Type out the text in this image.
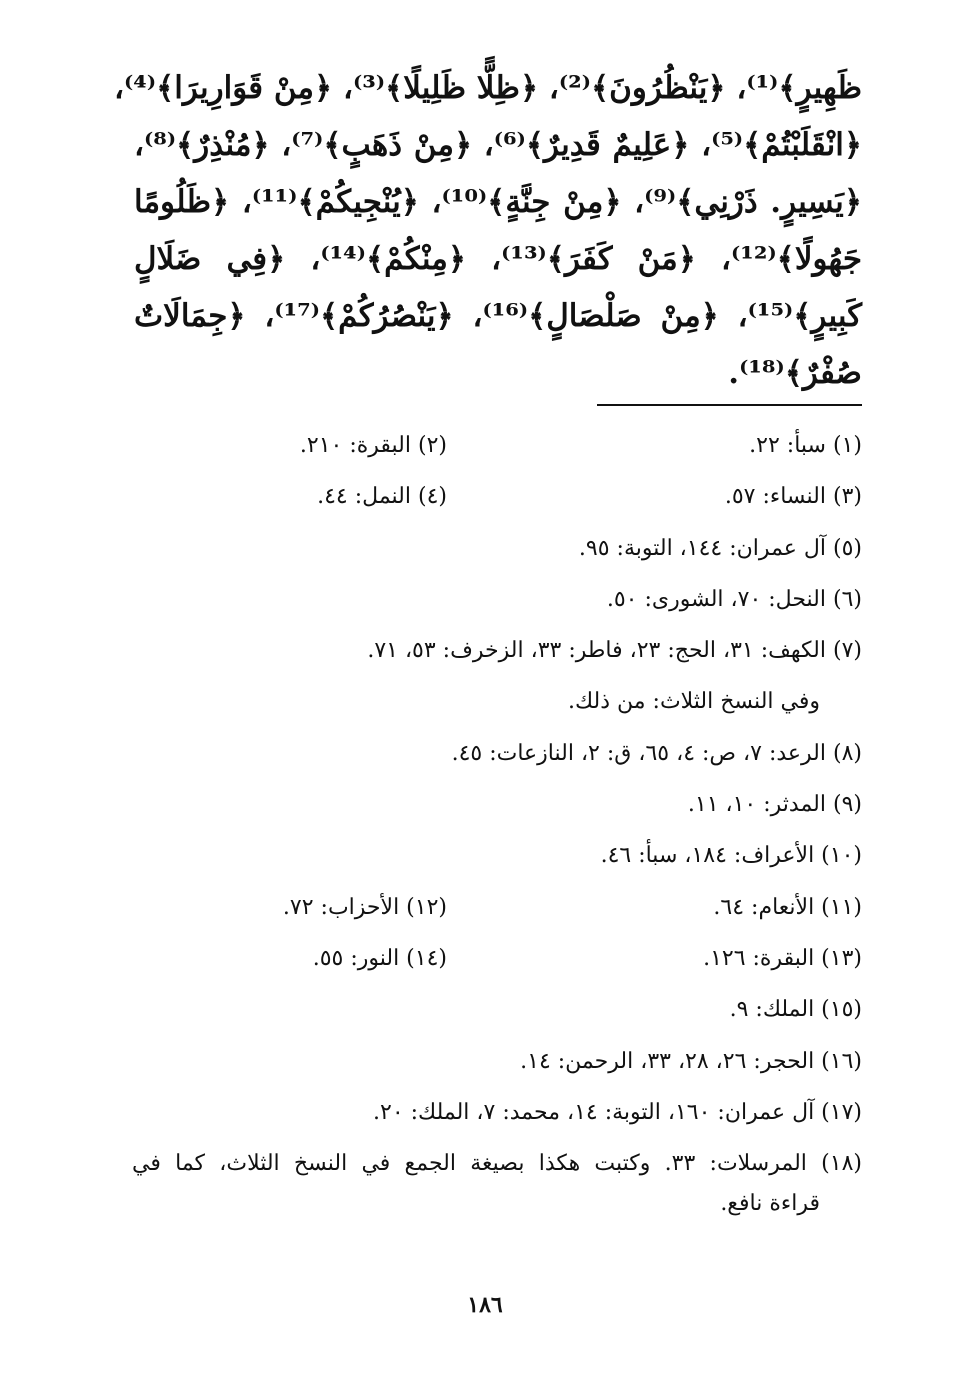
ظَهِيرٍ﴾⁽¹⁾، ﴿يَنْظُرُونَ﴾⁽²⁾، ﴿ظِلًّا ظَلِيلًا﴾⁽³⁾، ﴿مِنْ قَوَارِيرَا﴾⁽⁴⁾،
﴿انْقَلَبْتُمْ﴾⁽⁵⁾، ﴿عَلِيمٌ قَدِيرٌ﴾⁽⁶⁾، ﴿مِنْ ذَهَبٍ﴾⁽⁷⁾، ﴿مُنْذِرٌ﴾⁽⁸⁾،
﴿يَسِيرٍ. ذَرْنِي﴾⁽⁹⁾، ﴿مِنْ جِنَّةٍ﴾⁽¹⁰⁾، ﴿يُنْجِيكُمْ﴾⁽¹¹⁾، ﴿ظَلُومًا
جَهُولًا﴾⁽¹²⁾، ﴿مَنْ كَفَرَ﴾⁽¹³⁾، ﴿مِنْكُمْ﴾⁽¹⁴⁾، ﴿فِي ضَلَالٍ
كَبِيرٍ﴾⁽¹⁵⁾، ﴿مِنْ صَلْصَالٍ﴾⁽¹⁶⁾، ﴿يَنْصُرُكُمْ﴾⁽¹⁷⁾، ﴿جِمَالَاتٌ
صُفْرٌ﴾⁽¹⁸⁾.
(١) سبأ: ٢٢.
(٢) البقرة: ٢١٠.
(٣) النساء: ٥٧.
(٤) النمل: ٤٤.
(٥) آل عمران: ١٤٤، التوبة: ٩٥.
(٦) النحل: ٧٠، الشورى: ٥٠.
(٧) الكهف: ٣١، الحج: ٢٣، فاطر: ٣٣، الزخرف: ٥٣، ٧١.
وفي النسخ الثلاث: من ذلك.
(٨) الرعد: ٧، ص: ٤، ٦٥، ق: ٢، النازعات: ٤٥.
(٩) المدثر: ١٠، ١١.
(١٠) الأعراف: ١٨٤، سبأ: ٤٦.
(١١) الأنعام: ٦٤.
(١٢) الأحزاب: ٧٢.
(١٣) البقرة: ١٢٦.
(١٤) النور: ٥٥.
(١٥) الملك: ٩.
(١٦) الحجر: ٢٦، ٢٨، ٣٣، الرحمن: ١٤.
(١٧) آل عمران: ١٦٠، التوبة: ١٤، محمد: ٧، الملك: ٢٠.
(١٨) المرسلات: ٣٣. وكتبت هكذا بصيغة الجمع في النسخ الثلاث، كما في
قراءة نافع.
١٨٦
